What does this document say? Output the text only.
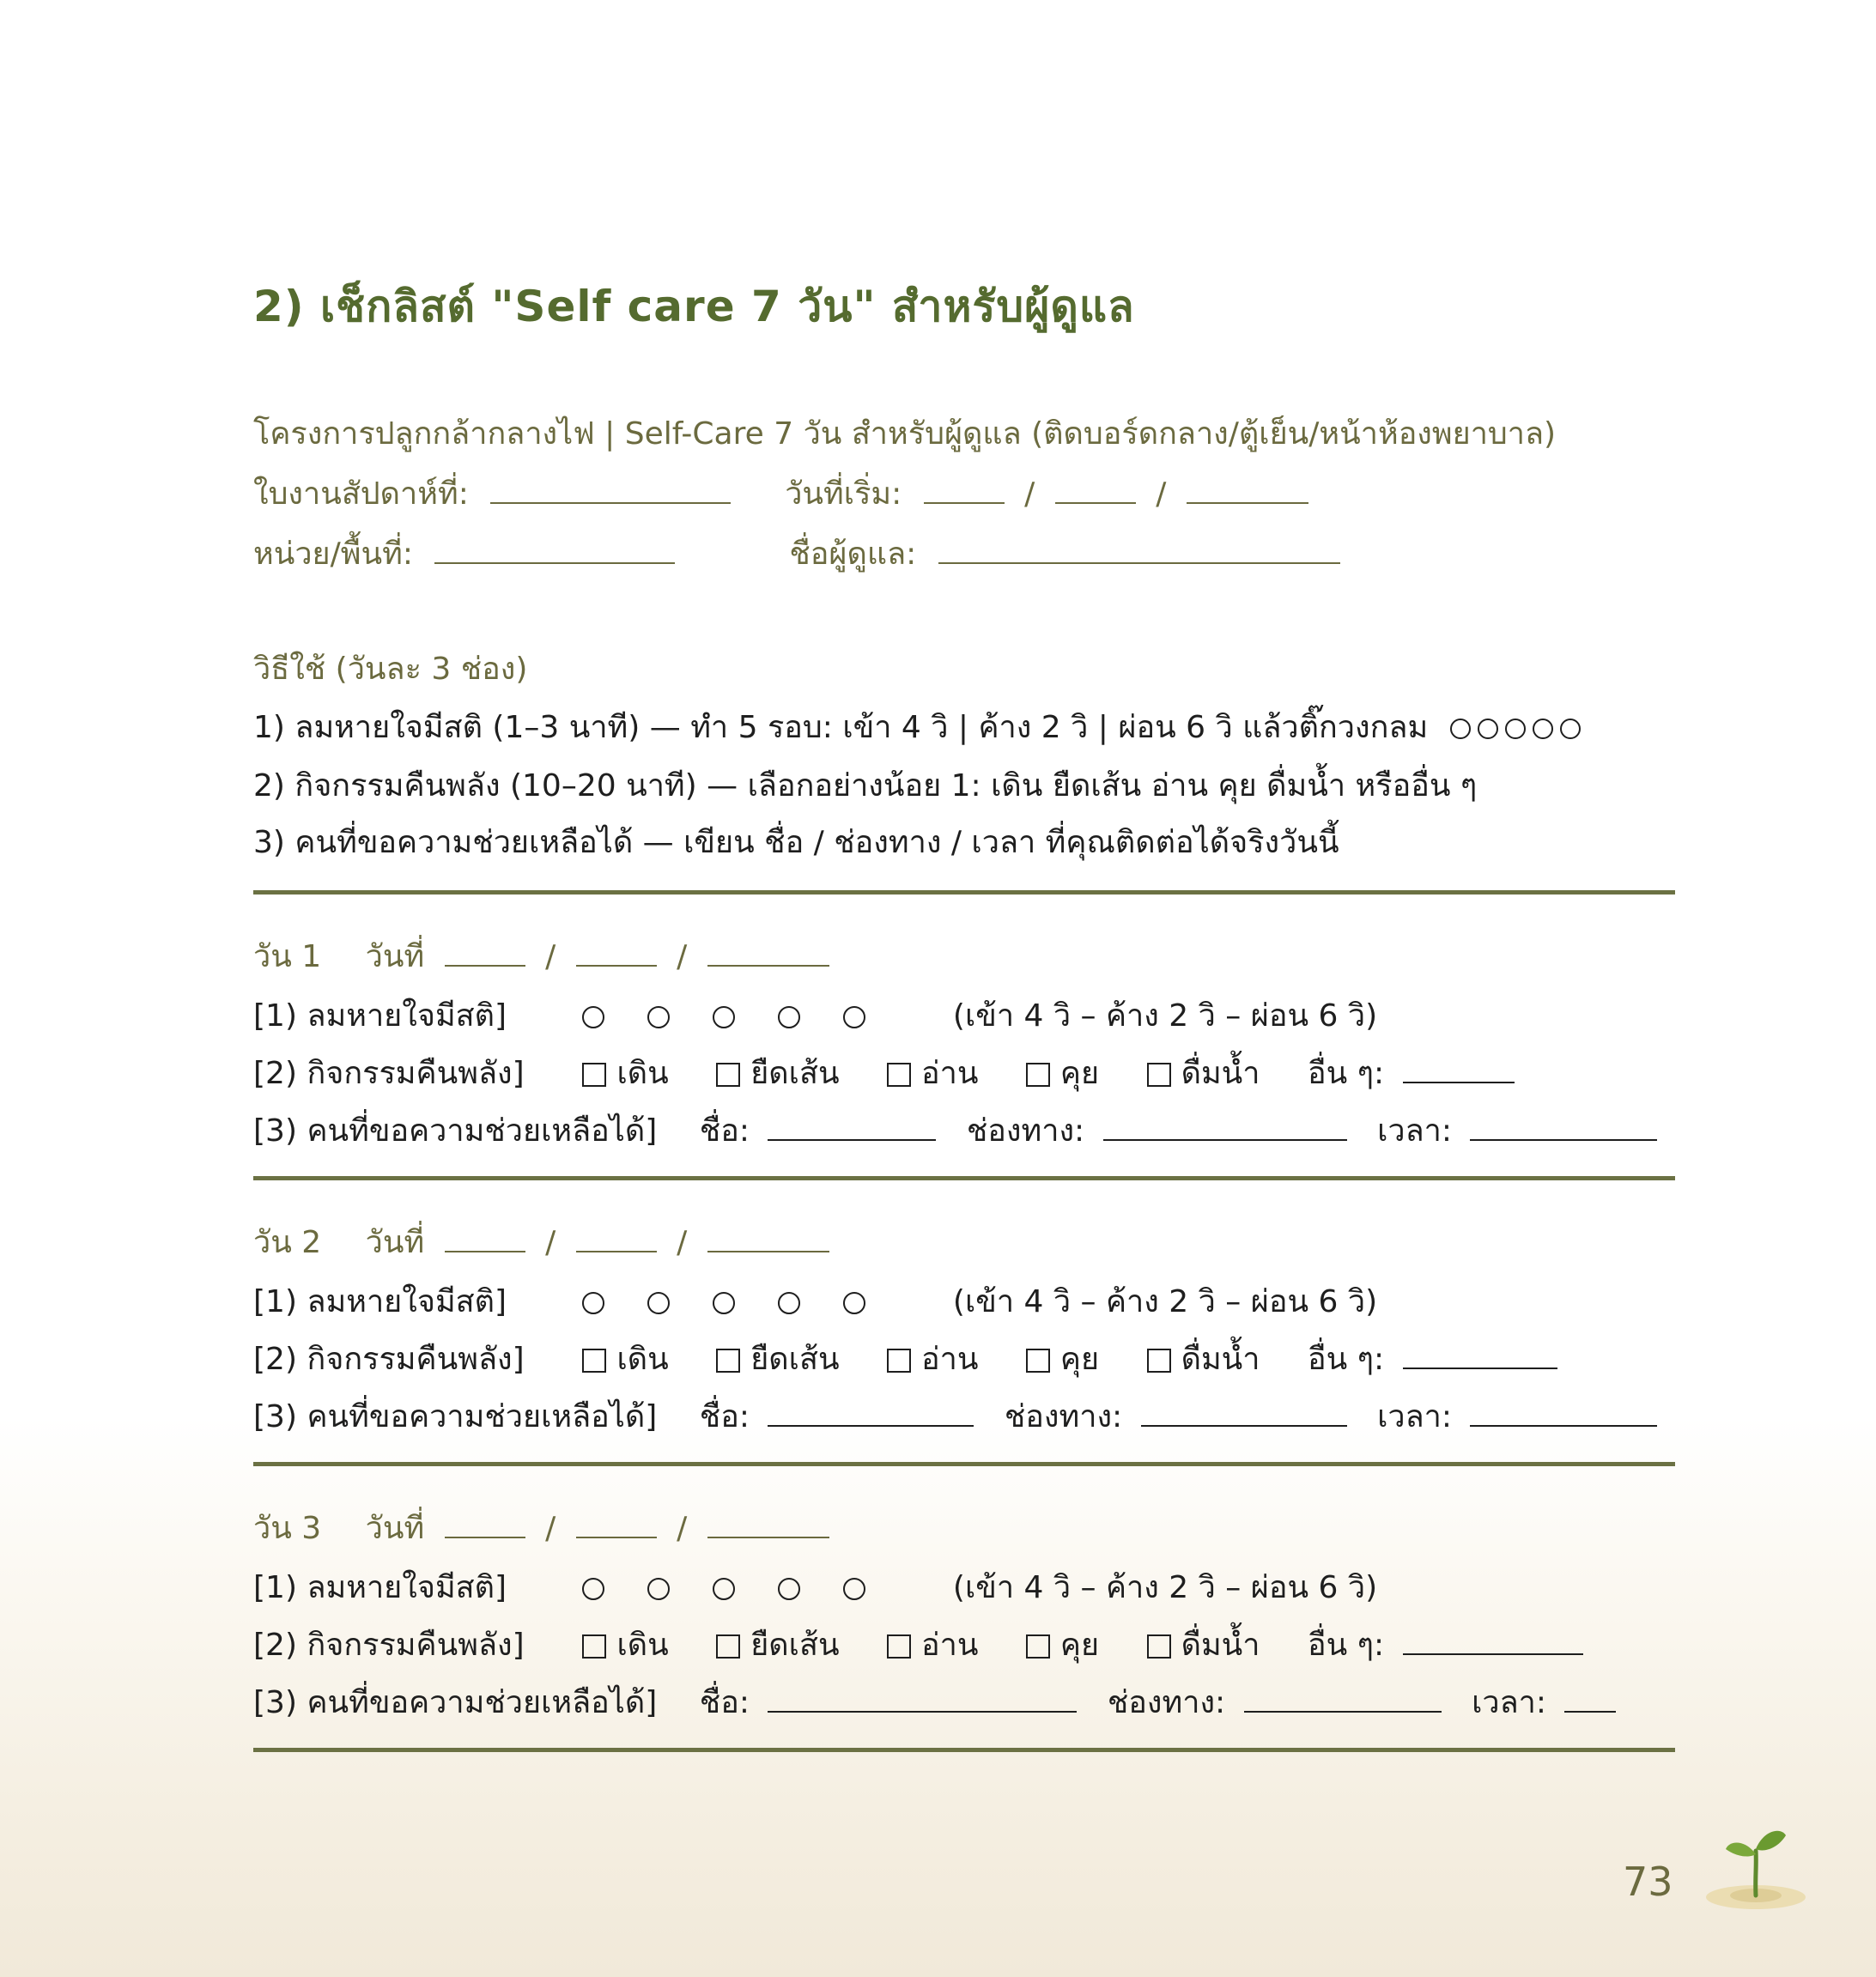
2) เช็กลิสต์ "Self care 7 วัน" สำหรับผู้ดูแล
โครงการปลูกกล้ากลางไฟ | Self-Care 7 วัน สำหรับผู้ดูแล (ติดบอร์ดกลาง/ตู้เย็น/หน้าห้องพยาบาล)
ใบงานสัปดาห์ที่:	วันที่เริ่ม:	/	/
หน่วย/พื้นที่:	ชื่อผู้ดูแล:
วิธีใช้ (วันละ 3 ช่อง)
1) ลมหายใจมีสติ (1–3 นาที) — ทำ 5 รอบ: เข้า 4 วิ | ค้าง 2 วิ | ผ่อน 6 วิ แล้วติ๊กวงกลม
2) กิจกรรมคืนพลัง (10–20 นาที) — เลือกอย่างน้อย 1: เดิน ยืดเส้น อ่าน คุย ดื่มน้ำ หรืออื่น ๆ
3) คนที่ขอความช่วยเหลือได้ — เขียน ชื่อ / ช่องทาง / เวลา ที่คุณติดต่อได้จริงวันนี้
วัน 1 วันที่	/	/
[1) ลมหายใจมีสติ]	(เข้า 4 วิ – ค้าง 2 วิ – ผ่อน 6 วิ)
[2) กิจกรรมคืนพลัง]	เดิน	ยืดเส้น	อ่าน	คุย	ดื่มน้ำ อื่น ๆ:
[3) คนที่ขอความช่วยเหลือได้] ชื่อ:	ช่องทาง:	เวลา:
วัน 2 วันที่	/	/
[1) ลมหายใจมีสติ]	(เข้า 4 วิ – ค้าง 2 วิ – ผ่อน 6 วิ)
[2) กิจกรรมคืนพลัง]	เดิน	ยืดเส้น	อ่าน	คุย	ดื่มน้ำ อื่น ๆ:
[3) คนที่ขอความช่วยเหลือได้] ชื่อ:	ช่องทาง:	เวลา:
วัน 3 วันที่	/	/
[1) ลมหายใจมีสติ]	(เข้า 4 วิ – ค้าง 2 วิ – ผ่อน 6 วิ)
[2) กิจกรรมคืนพลัง]	เดิน	ยืดเส้น	อ่าน	คุย	ดื่มน้ำ อื่น ๆ:
[3) คนที่ขอความช่วยเหลือได้] ชื่อ:	ช่องทาง:	เวลา:
73
